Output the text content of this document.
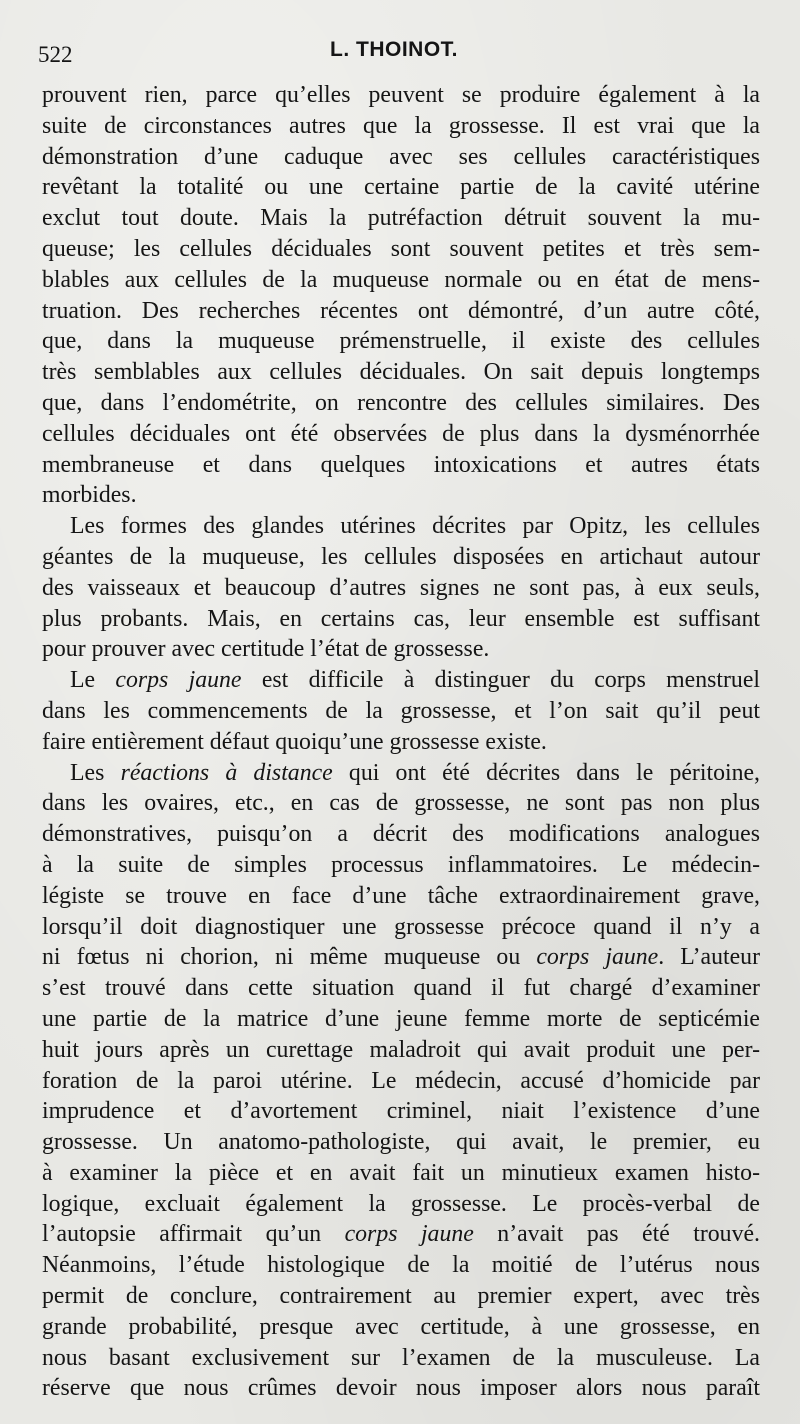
522	L. THOINOT.
prouvent rien, parce qu’elles peuvent se produire également à la
suite de circonstances autres que la grossesse. Il est vrai que la
démonstration d’une caduque avec ses cellules caractéristiques
revêtant la totalité ou une certaine partie de la cavité utérine
exclut tout doute. Mais la putréfaction détruit souvent la mu-
queuse; les cellules déciduales sont souvent petites et très sem-
blables aux cellules de la muqueuse normale ou en état de mens-
truation. Des recherches récentes ont démontré, d’un autre côté,
que, dans la muqueuse prémenstruelle, il existe des cellules
très semblables aux cellules déciduales. On sait depuis longtemps
que, dans l’endométrite, on rencontre des cellules similaires. Des
cellules déciduales ont été observées de plus dans la dysménorrhée
membraneuse et dans quelques intoxications et autres états
morbides.
Les formes des glandes utérines décrites par Opitz, les cellules
géantes de la muqueuse, les cellules disposées en artichaut autour
des vaisseaux et beaucoup d’autres signes ne sont pas, à eux seuls,
plus probants. Mais, en certains cas, leur ensemble est suffisant
pour prouver avec certitude l’état de grossesse.
Le corps jaune est difficile à distinguer du corps menstruel
dans les commencements de la grossesse, et l’on sait qu’il peut
faire entièrement défaut quoiqu’une grossesse existe.
Les réactions à distance qui ont été décrites dans le péritoine,
dans les ovaires, etc., en cas de grossesse, ne sont pas non plus
démonstratives, puisqu’on a décrit des modifications analogues
à la suite de simples processus inflammatoires. Le médecin-
légiste se trouve en face d’une tâche extraordinairement grave,
lorsqu’il doit diagnostiquer une grossesse précoce quand il n’y a
ni fœtus ni chorion, ni même muqueuse ou corps jaune. L’auteur
s’est trouvé dans cette situation quand il fut chargé d’examiner
une partie de la matrice d’une jeune femme morte de septicémie
huit jours après un curettage maladroit qui avait produit une per-
foration de la paroi utérine. Le médecin, accusé d’homicide par
imprudence et d’avortement criminel, niait l’existence d’une
grossesse. Un anatomo-pathologiste, qui avait, le premier, eu
à examiner la pièce et en avait fait un minutieux examen histo-
logique, excluait également la grossesse. Le procès-verbal de
l’autopsie affirmait qu’un corps jaune n’avait pas été trouvé.
Néanmoins, l’étude histologique de la moitié de l’utérus nous
permit de conclure, contrairement au premier expert, avec très
grande probabilité, presque avec certitude, à une grossesse, en
nous basant exclusivement sur l’examen de la musculeuse. La
réserve que nous crûmes devoir nous imposer alors nous paraît
